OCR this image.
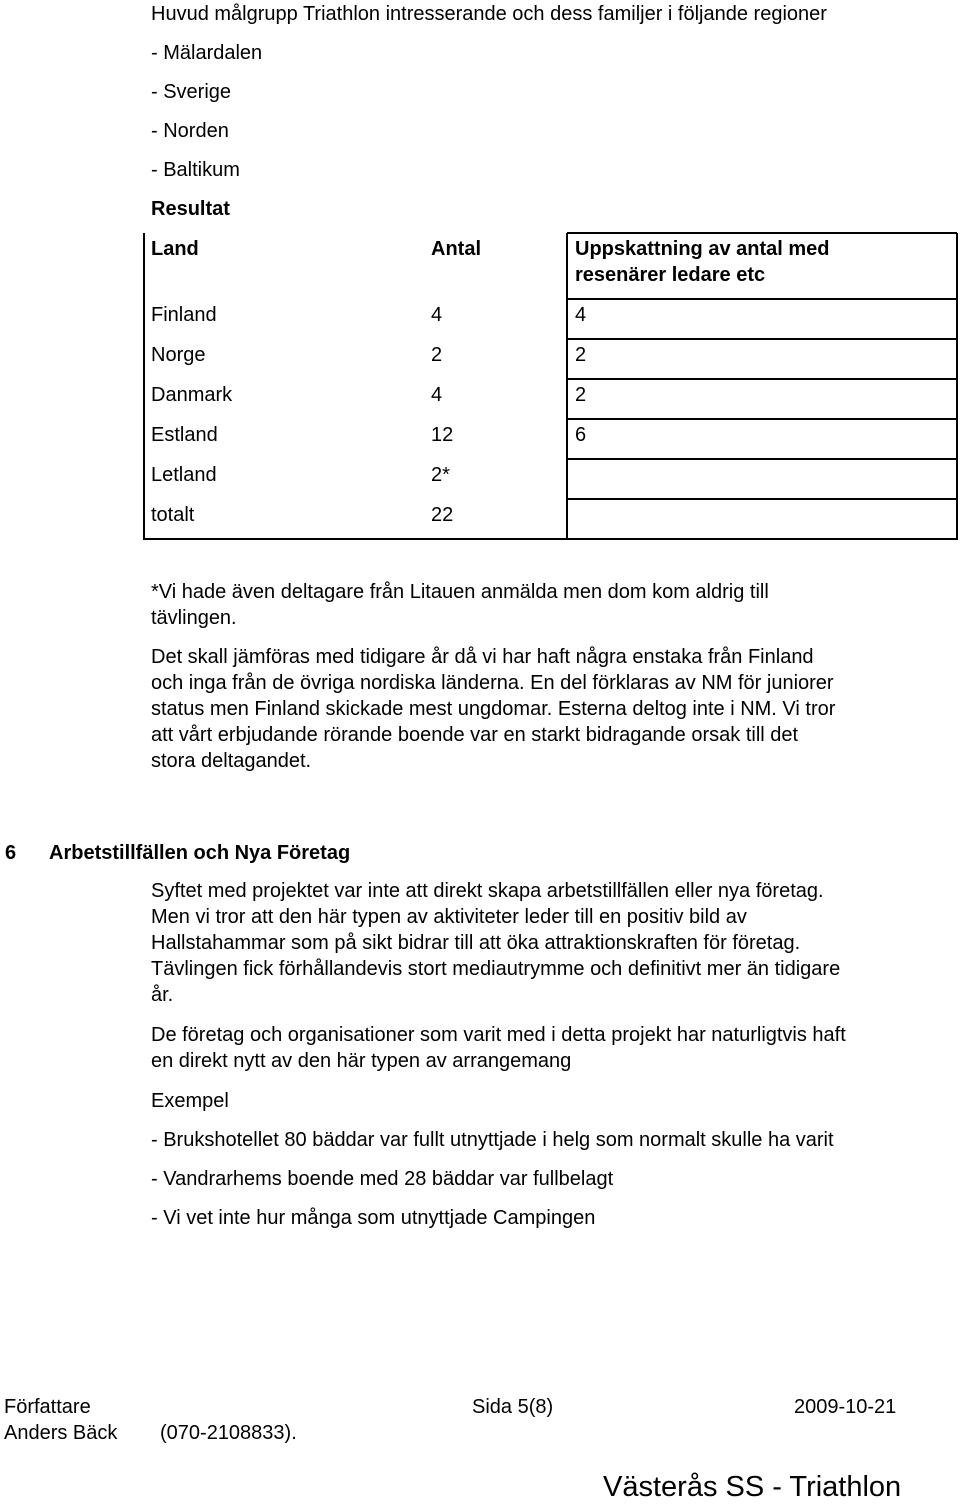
Huvud målgrupp Triathlon intresserande och dess familjer i följande regioner
- Mälardalen
- Sverige
- Norden
- Baltikum
Resultat
Land	Antal	Uppskattning av antal med
resenärer ledare etc
Finland	4	4
Norge	2	2
Danmark	4	2
Estland	12	6
Letland	2*
totalt	22
*Vi hade även deltagare från Litauen anmälda men dom kom aldrig till
tävlingen.
Det skall jämföras med tidigare år då vi har haft några enstaka från Finland
och inga från de övriga nordiska länderna. En del förklaras av NM för juniorer
status men Finland skickade mest ungdomar. Esterna deltog inte i NM. Vi tror
att vårt erbjudande rörande boende var en starkt bidragande orsak till det
stora deltagandet.
6 Arbetstillfällen och Nya Företag
Syftet med projektet var inte att direkt skapa arbetstillfällen eller nya företag.
Men vi tror att den här typen av aktiviteter leder till en positiv bild av
Hallstahammar som på sikt bidrar till att öka attraktionskraften för företag.
Tävlingen fick förhållandevis stort mediautrymme och definitivt mer än tidigare
år.
De företag och organisationer som varit med i detta projekt har naturligtvis haft
en direkt nytt av den här typen av arrangemang
Exempel
- Brukshotellet 80 bäddar var fullt utnyttjade i helg som normalt skulle ha varit
- Vandrarhems boende med 28 bäddar var fullbelagt
- Vi vet inte hur många som utnyttjade Campingen
Författare	Sida 5(8)	2009-10-21
Anders Bäck (070-2108833).
Västerås SS - Triathlon
